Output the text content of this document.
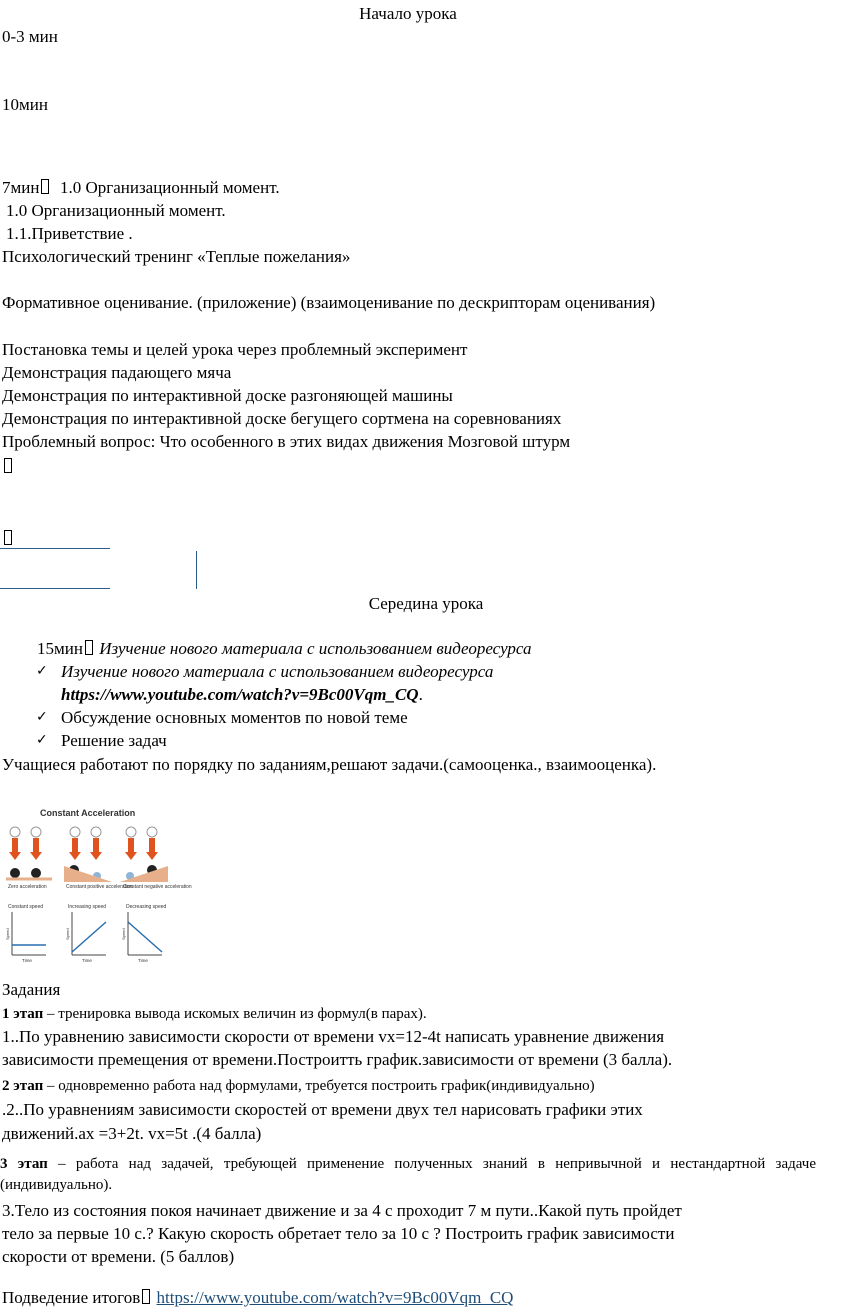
Начало урока
0-3 мин
10мин
7мин 1.0 Организационный момент.
1.0 Организационный момент.
1.1.Приветствие .
Психологический тренинг «Теплые пожелания»
Формативное оценивание. (приложение) (взаимоценивание по дескрипторам оценивания)
Постановка темы и целей урока через проблемный эксперимент
Демонстрация падающего мяча
Демонстрация по интерактивной доске разгоняющей машины
Демонстрация по интерактивной доске бегущего сортмена на соревнованиях
Проблемный вопрос: Что особенного в этих видах движения Мозговой штурм
Середина урока
15мин Изучение нового материала с использованием видеоресурса
✓ Изучение нового материала с использованием видеоресурса
https://www.youtube.com/watch?v=9Bc00Vqm_CQ.
✓ Обсуждение основных моментов по новой теме
✓ Решение задач
Учащиеся работают по порядку по заданиям,решают задачи.(самооценка., взаимооценка).
Constant Acceleration
Zero acceleration	Constant positive acceleration
Constant negative acceleration
Constant speed
Time
Speed
Increasing speed
Time
Speed
Decreasing speed
Time
Speed
Задания
1 этап – тренировка вывода искомых величин из формул(в парах).
1..По уравнению зависимости скорости от времени vx=12-4t написать уравнение движения
зависимости премещения от времени.Построитть график.зависимости от времени (3 балла).
2 этап – одновременно работа над формулами, требуется построить график(индивидуально)
.2..По уравнениям зависимости скоростей от времени двух тел нарисовать графики этих
движений.ах =3+2t. vx=5t .(4 балла)
3 этап – работа над задачей, требующей применение полученных знаний в непривычной и нестандартной задаче (индивидуально).
3.Тело из состояния покоя начинает движение и за 4 с проходит 7 м пути..Какой путь пройдет
тело за первые 10 с.? Какую скорость обретает тело за 10 с ? Построить график зависимости
скорости от времени. (5 баллов)
Подведение итогов https://www.youtube.com/watch?v=9Bc00Vqm_CQ
